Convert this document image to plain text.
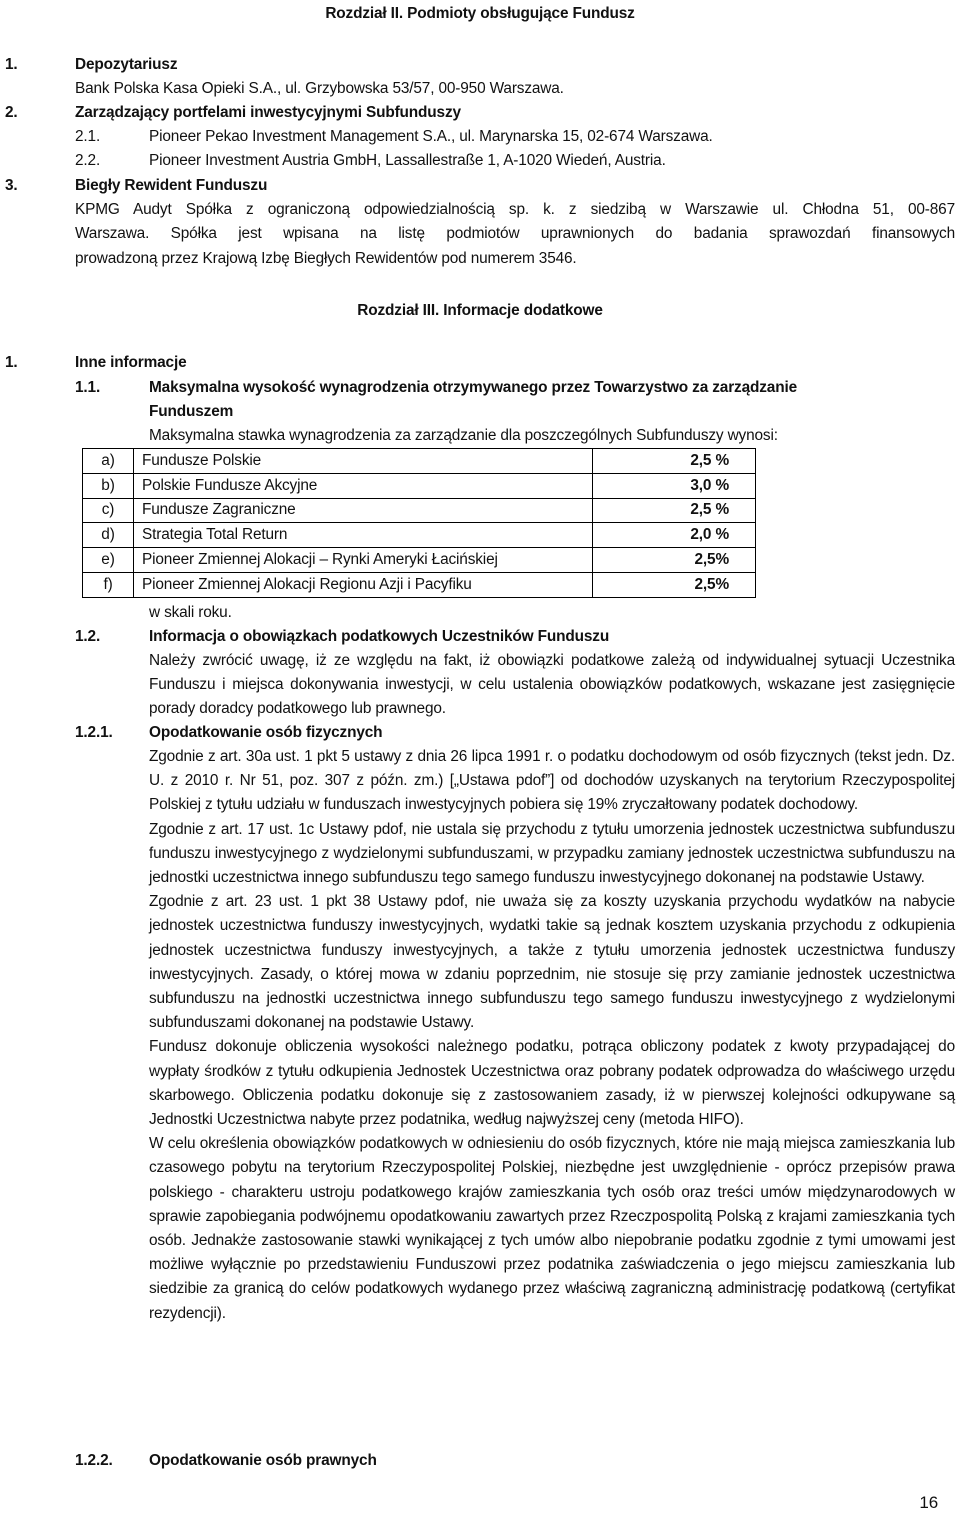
Rozdział II. Podmioty obsługujące Fundusz
1.	Depozytariusz
Bank Polska Kasa Opieki S.A., ul. Grzybowska 53/57, 00-950 Warszawa.
2.	Zarządzający portfelami inwestycyjnymi Subfunduszy
2.1.	Pioneer Pekao Investment Management S.A., ul. Marynarska 15, 02-674 Warszawa.
2.2.	Pioneer Investment Austria GmbH, Lassallestraße 1, A-1020 Wiedeń, Austria.
3.	Biegły Rewident Funduszu
KPMG Audyt Spółka z ograniczoną odpowiedzialnością sp. k. z siedzibą w Warszawie ul. Chłodna 51, 00-867
Warszawa. Spółka jest wpisana na listę podmiotów uprawnionych do badania sprawozdań finansowych
prowadzoną przez Krajową Izbę Biegłych Rewidentów pod numerem 3546.
Rozdział III. Informacje dodatkowe
1.	Inne informacje
1.1.	Maksymalna wysokość wynagrodzenia otrzymywanego przez Towarzystwo za zarządzanie
Funduszem
Maksymalna stawka wynagrodzenia za zarządzanie dla poszczególnych Subfunduszy wynosi:
a)	Fundusze Polskie	2,5 %
b)	Polskie Fundusze Akcyjne	3,0 %
c)	Fundusze Zagraniczne	2,5 %
d)	Strategia Total Return	2,0 %
e)	Pioneer Zmiennej Alokacji – Rynki Ameryki Łacińskiej	2,5%
f)	Pioneer Zmiennej Alokacji Regionu Azji i Pacyfiku	2,5%
w skali roku.
1.2.	Informacja o obowiązkach podatkowych Uczestników Funduszu

Należy zwrócić uwagę, iż ze względu na fakt, iż obowiązki podatkowe zależą od indywidualnej sytuacji Uczestnika Funduszu i miejsca dokonywania inwestycji, w celu ustalenia obowiązków podatkowych, wskazane jest zasięgnięcie porady doradcy podatkowego lub prawnego.

1.2.1. Opodatkowanie osób fizycznych

Zgodnie z art. 30a ust. 1 pkt 5 ustawy z dnia 26 lipca 1991 r. o podatku dochodowym od osób fizycznych (tekst jedn. Dz. U. z 2010 r. Nr 51, poz. 307 z późn. zm.) [„Ustawa pdof”] od dochodów uzyskanych na terytorium Rzeczypospolitej Polskiej z tytułu udziału w funduszach inwestycyjnych pobiera się 19% zryczałtowany podatek dochodowy.

Zgodnie z art. 17 ust. 1c Ustawy pdof, nie ustala się przychodu z tytułu umorzenia jednostek uczestnictwa subfunduszu funduszu inwestycyjnego z wydzielonymi subfunduszami, w przypadku zamiany jednostek uczestnictwa subfunduszu na jednostki uczestnictwa innego subfunduszu tego samego funduszu inwestycyjnego dokonanej na podstawie Ustawy.

Zgodnie z art. 23 ust. 1 pkt 38 Ustawy pdof, nie uważa się za koszty uzyskania przychodu wydatków na nabycie jednostek uczestnictwa funduszy inwestycyjnych, wydatki takie są jednak kosztem uzyskania przychodu z odkupienia jednostek uczestnictwa funduszy inwestycyjnych, a także z tytułu umorzenia jednostek uczestnictwa funduszy inwestycyjnych. Zasady, o której mowa w zdaniu poprzednim, nie stosuje się przy zamianie jednostek uczestnictwa subfunduszu na jednostki uczestnictwa innego subfunduszu tego samego funduszu inwestycyjnego z wydzielonymi subfunduszami dokonanej na podstawie Ustawy.

Fundusz dokonuje obliczenia wysokości należnego podatku, potrąca obliczony podatek z kwoty przypadającej do wypłaty środków z tytułu odkupienia Jednostek Uczestnictwa oraz pobrany podatek odprowadza do właściwego urzędu skarbowego. Obliczenia podatku dokonuje się z zastosowaniem zasady, iż w pierwszej kolejności odkupywane są Jednostki Uczestnictwa nabyte przez podatnika, według najwyższej ceny (metoda HIFO).

W celu określenia obowiązków podatkowych w odniesieniu do osób fizycznych, które nie mają miejsca zamieszkania lub czasowego pobytu na terytorium Rzeczypospolitej Polskiej, niezbędne jest uwzględnienie - oprócz przepisów prawa polskiego - charakteru ustroju podatkowego krajów zamieszkania tych osób oraz treści umów międzynarodowych w sprawie zapobiegania podwójnemu opodatkowaniu zawartych przez Rzeczpospolitą Polską z krajami zamieszkania tych osób. Jednakże zastosowanie stawki wynikającej z tych umów albo niepobranie podatku zgodnie z tymi umowami jest możliwe wyłącznie po przedstawieniu Funduszowi przez podatnika zaświadczenia o jego miejscu zamieszkania lub siedzibie za granicą do celów podatkowych wydanego przez właściwą zagraniczną administrację podatkową (certyfikat rezydencji).

1.2.2. Opodatkowanie osób prawnych
16
